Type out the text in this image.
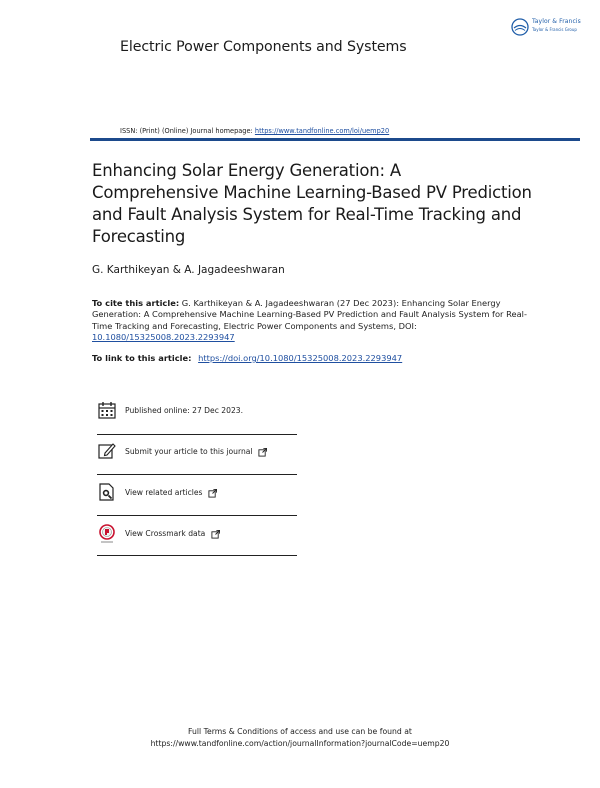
Taylor & Francis
Taylor & Francis Group
Electric Power Components and Systems
ISSN: (Print) (Online) Journal homepage: https://www.tandfonline.com/loi/uemp20
Enhancing Solar Energy Generation: A Comprehensive Machine Learning-Based PV Prediction and Fault Analysis System for Real-Time Tracking and Forecasting
G. Karthikeyan & A. Jagadeeshwaran
To cite this article: G. Karthikeyan & A. Jagadeeshwaran (27 Dec 2023): Enhancing Solar Energy Generation: A Comprehensive Machine Learning-Based PV Prediction and Fault Analysis System for Real-Time Tracking and Forecasting, Electric Power Components and Systems, DOI: 10.1080/15325008.2023.2293947
To link to this article: https://doi.org/10.1080/15325008.2023.2293947
Published online: 27 Dec 2023.
Submit your article to this journal
View related articles
View Crossmark data
Full Terms & Conditions of access and use can be found at
https://www.tandfonline.com/action/journalInformation?journalCode=uemp20
